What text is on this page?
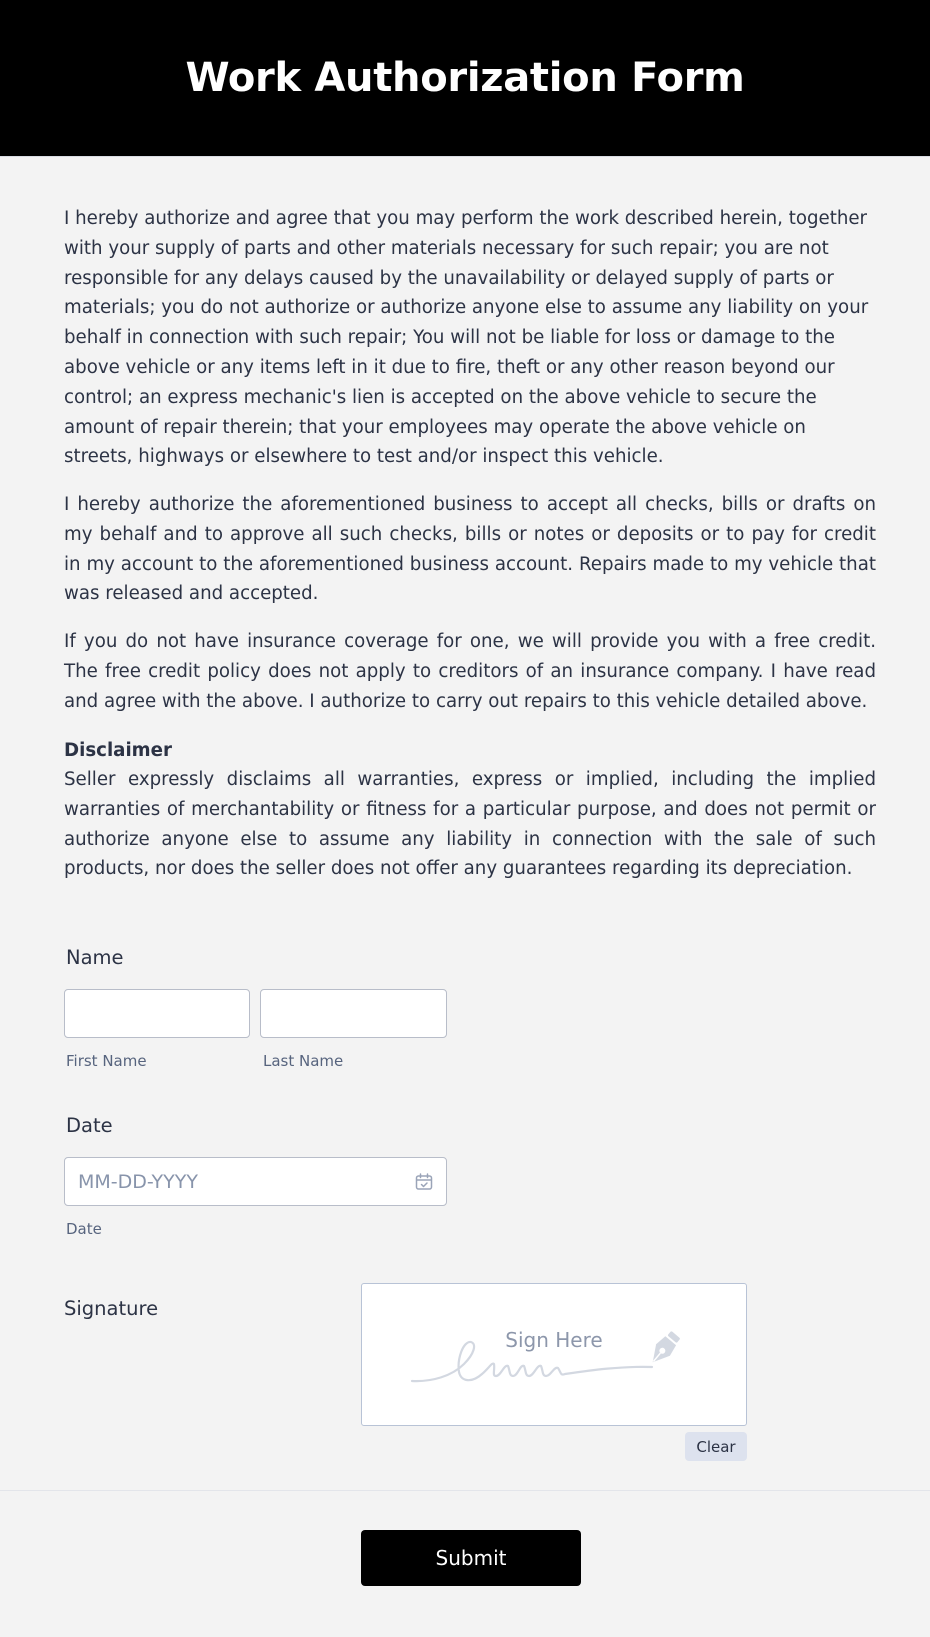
Work Authorization Form

I hereby authorize and agree that you may perform the work described herein, together with your supply of parts and other materials necessary for such repair; you are not responsible for any delays caused by the unavailability or delayed supply of parts or materials; you do not authorize or authorize anyone else to assume any liability on your behalf in connection with such repair; You will not be liable for loss or damage to the above vehicle or any items left in it due to fire, theft or any other reason beyond our control; an express mechanic's lien is accepted on the above vehicle to secure the amount of repair therein; that your employees may operate the above vehicle on streets, highways or elsewhere to test and/or inspect this vehicle.

I hereby authorize the aforementioned business to accept all checks, bills or drafts on my behalf and to approve all such checks, bills or notes or deposits or to pay for credit in my account to the aforementioned business account. Repairs made to my vehicle that was released and accepted.

If you do not have insurance coverage for one, we will provide you with a free credit. The free credit policy does not apply to creditors of an insurance company. I have read and agree with the above. I authorize to carry out repairs to this vehicle detailed above.

Disclaimer

Seller expressly disclaims all warranties, express or implied, including the implied warranties of merchantability or fitness for a particular purpose, and does not permit or authorize anyone else to assume any liability in connection with the sale of such products, nor does the seller does not offer any guarantees regarding its depreciation.

Name
First Name	Last Name
Date
MM-DD-YYYY
Date
Signature
Sign Here
Clear
Submit
